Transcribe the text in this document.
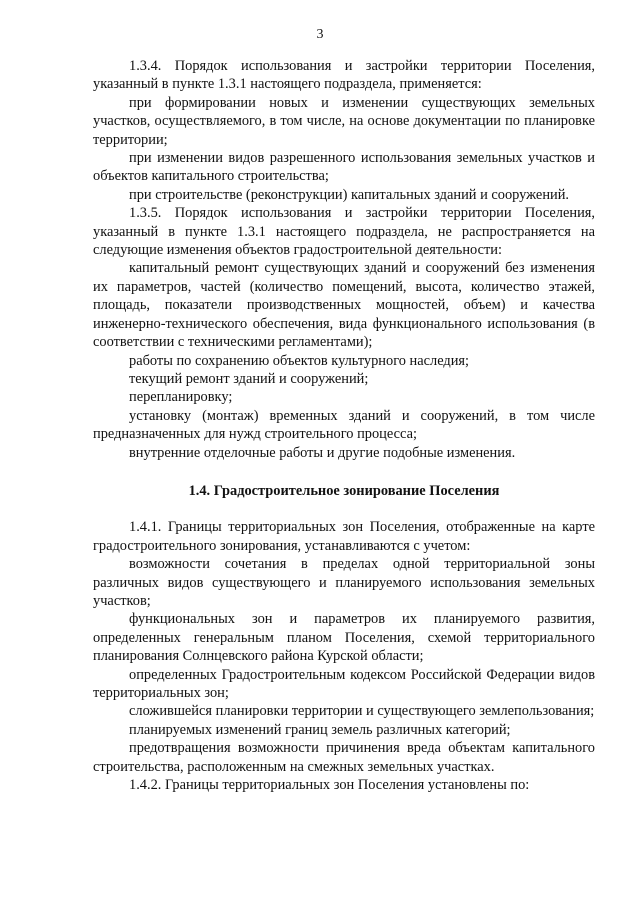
3

1.3.4. Порядок использования и застройки территории Поселения, указанный в пункте 1.3.1 настоящего подраздела, применяется:

при формировании новых и изменении существующих земельных участков, осуществляемого, в том числе, на основе документации по планировке территории;

при изменении видов разрешенного использования земельных участков и объектов капитального строительства;

при строительстве (реконструкции) капитальных зданий и сооружений.

1.3.5. Порядок использования и застройки территории Поселения, указанный в пункте 1.3.1 настоящего подраздела, не распространяется на следующие изменения объектов градостроительной деятельности:

капитальный ремонт существующих зданий и сооружений без изменения их параметров, частей (количество помещений, высота, количество этажей, площадь, показатели производственных мощностей, объем) и качества инженерно-технического обеспечения, вида функционального использования (в соответствии с техническими регламентами);

работы по сохранению объектов культурного наследия;

текущий ремонт зданий и сооружений;

перепланировку;

установку (монтаж) временных зданий и сооружений, в том числе предназначенных для нужд строительного процесса;

внутренние отделочные работы и другие подобные изменения.

1.4. Градостроительное зонирование Поселения

1.4.1. Границы территориальных зон Поселения, отображенные на карте градостроительного зонирования, устанавливаются с учетом:

возможности сочетания в пределах одной территориальной зоны различных видов существующего и планируемого использования земельных участков;

функциональных зон и параметров их планируемого развития, определенных генеральным планом Поселения, схемой территориального планирования Солнцевского района Курской области;

определенных Градостроительным кодексом Российской Федерации видов территориальных зон;

сложившейся планировки территории и существующего землепользования;

планируемых изменений границ земель различных категорий;

предотвращения возможности причинения вреда объектам капитального строительства, расположенным на смежных земельных участках.

1.4.2. Границы территориальных зон Поселения установлены по:
